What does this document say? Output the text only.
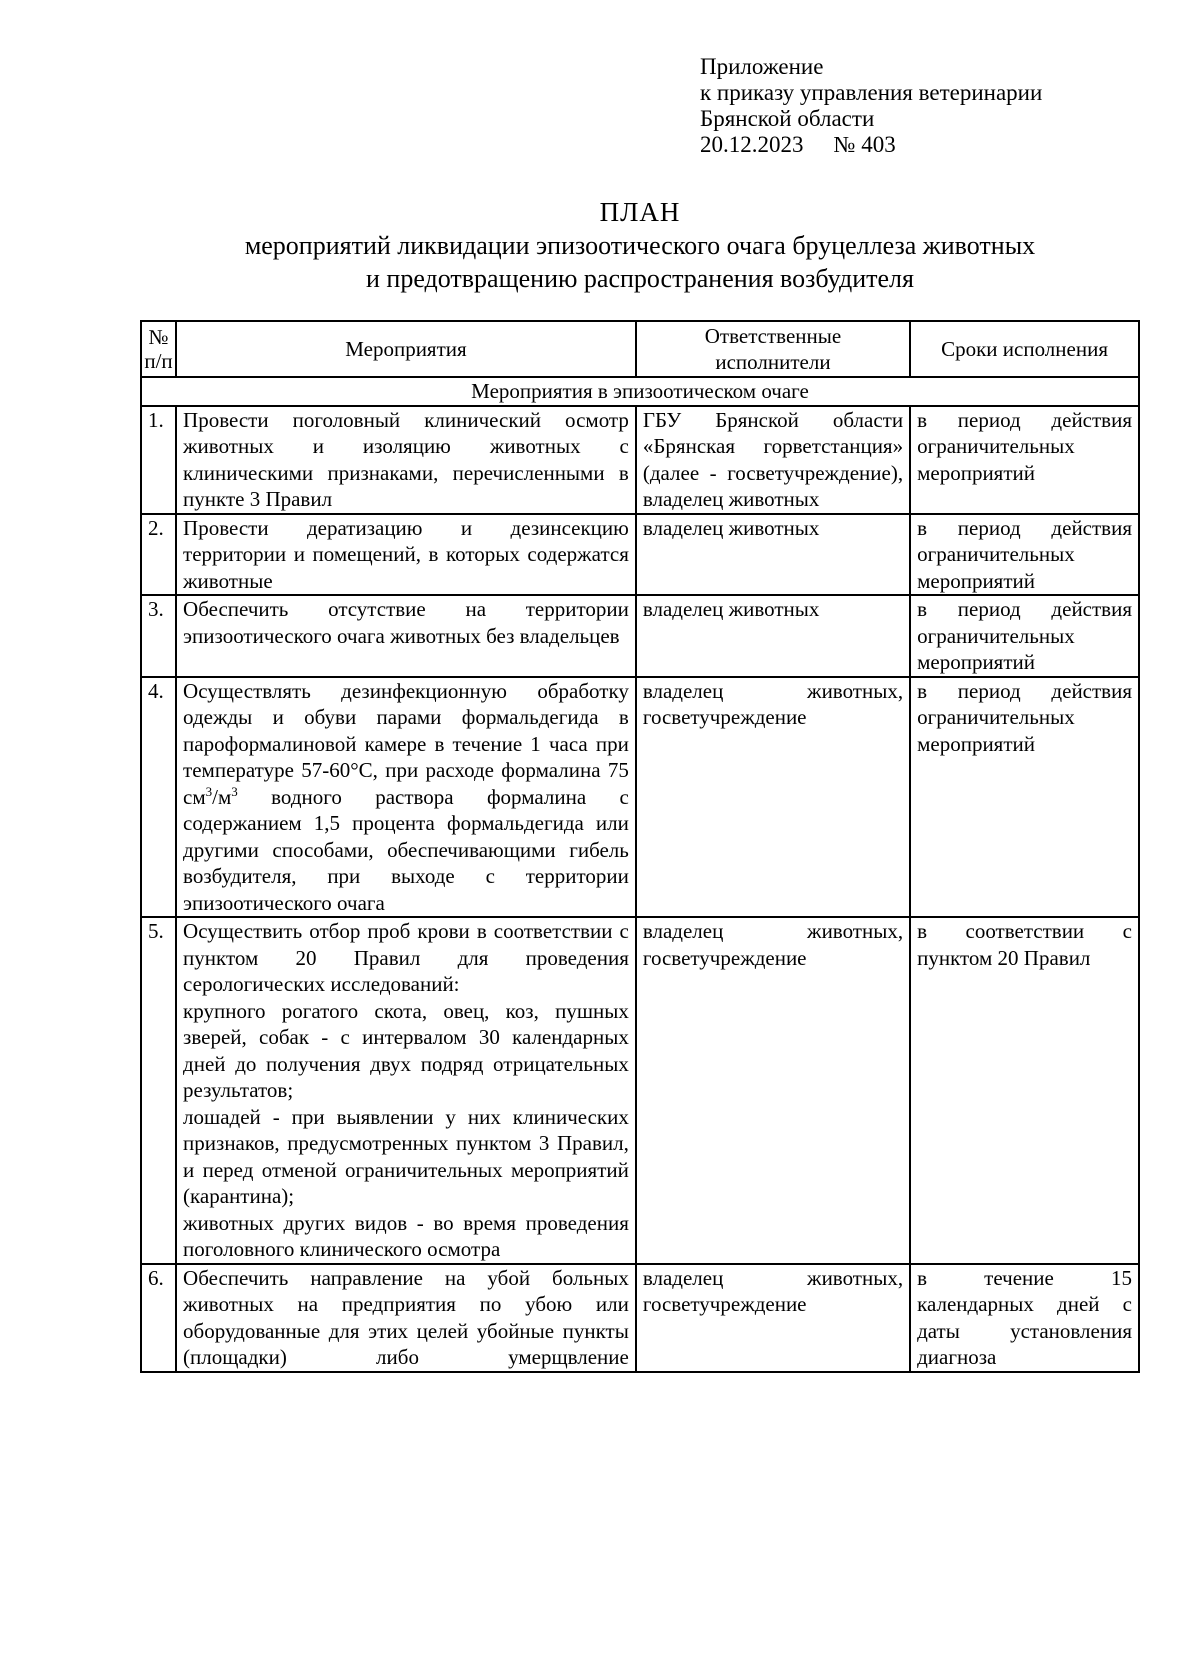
Приложение
к приказу управления ветеринарии
Брянской области
20.12.2023 № 403
ПЛАН
мероприятий ликвидации эпизоотического очага бруцеллеза животных
и предотвращению распространения возбудителя
№ п/п	Мероприятия	Ответственные исполнители	Сроки исполнения
Мероприятия в эпизоотическом очаге			
1.	Провести поголовный клинический осмотр животных и изоляцию животных с клиническими признаками, перечисленными в пункте 3 Правил	ГБУ Брянской области «Брянская горветстанция» (далее - госветучреждение), владелец животных	в период действия ограничительных мероприятий
2.	Провести дератизацию и дезинсекцию территории и помещений, в которых содержатся животные	владелец животных	в период действия ограничительных мероприятий
3.	Обеспечить отсутствие на территории эпизоотического очага животных без владельцев	владелец животных	в период действия ограничительных мероприятий
4.	Осуществлять дезинфекционную обработку одежды и обуви парами формальдегида в пароформалиновой камере в течение 1 часа при температуре 57-60°С, при расходе формалина 75 $см^3/м^3$ водного раствора формалина с содержанием 1,5 процента формальдегида или другими способами, обеспечивающими гибель возбудителя, при выходе с территории эпизоотического очага	владелец животных, госветучреждение	в период действия ограничительных мероприятий
5.	Осуществить отбор проб крови в соответствии с пунктом 20 Правил для проведения серологических исследований:
крупного рогатого скота, овец, коз, пушных зверей, собак - с интервалом 30 календарных дней до получения двух подряд отрицательных результатов;
лошадей - при выявлении у них клинических признаков, предусмотренных пунктом 3 Правил, и перед отменой ограничительных мероприятий (карантина);
животных других видов - во время проведения поголовного клинического осмотра	владелец животных, госветучреждение	в соответствии с пунктом 20 Правил
6.	Обеспечить направление на убой больных животных на предприятия по убою или оборудованные для этих целей убойные пункты (площадки) либо умерщвление	владелец животных, госветучреждение	в течение 15 календарных дней с даты установления диагноза
